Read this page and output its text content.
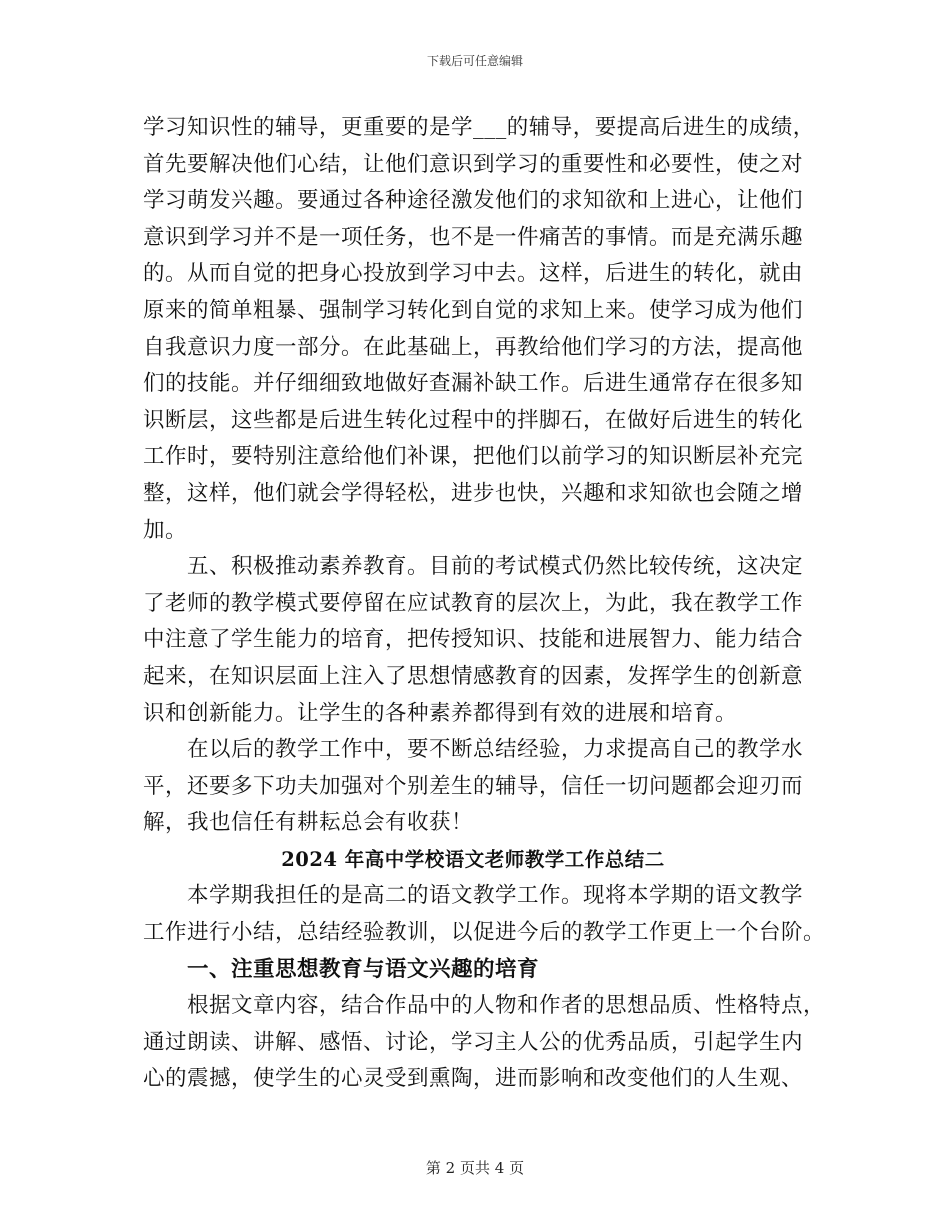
下载后可任意编辑
学习知识性的辅导，更重要的是学___的辅导，要提高后进生的成绩，
首先要解决他们心结，让他们意识到学习的重要性和必要性，使之对
学习萌发兴趣。要通过各种途径激发他们的求知欲和上进心，让他们
意识到学习并不是一项任务，也不是一件痛苦的事情。而是充满乐趣
的。从而自觉的把身心投放到学习中去。这样，后进生的转化，就由
原来的简单粗暴、强制学习转化到自觉的求知上来。使学习成为他们
自我意识力度一部分。在此基础上，再教给他们学习的方法，提高他
们的技能。并仔细细致地做好查漏补缺工作。后进生通常存在很多知
识断层，这些都是后进生转化过程中的拌脚石，在做好后进生的转化
工作时，要特别注意给他们补课，把他们以前学习的知识断层补充完
整，这样，他们就会学得轻松，进步也快，兴趣和求知欲也会随之增
加。
五、积极推动素养教育。目前的考试模式仍然比较传统，这决定
了老师的教学模式要停留在应试教育的层次上，为此，我在教学工作
中注意了学生能力的培育，把传授知识、技能和进展智力、能力结合
起来，在知识层面上注入了思想情感教育的因素，发挥学生的创新意
识和创新能力。让学生的各种素养都得到有效的进展和培育。
在以后的教学工作中，要不断总结经验，力求提高自己的教学水
平，还要多下功夫加强对个别差生的辅导，信任一切问题都会迎刃而
解，我也信任有耕耘总会有收获！
2024 年高中学校语文老师教学工作总结二
本学期我担任的是高二的语文教学工作。现将本学期的语文教学
工作进行小结，总结经验教训，以促进今后的教学工作更上一个台阶。
一、注重思想教育与语文兴趣的培育
根据文章内容，结合作品中的人物和作者的思想品质、性格特点，
通过朗读、讲解、感悟、讨论，学习主人公的优秀品质，引起学生内
心的震撼，使学生的心灵受到熏陶，进而影响和改变他们的人生观、
第 2 页共 4 页
